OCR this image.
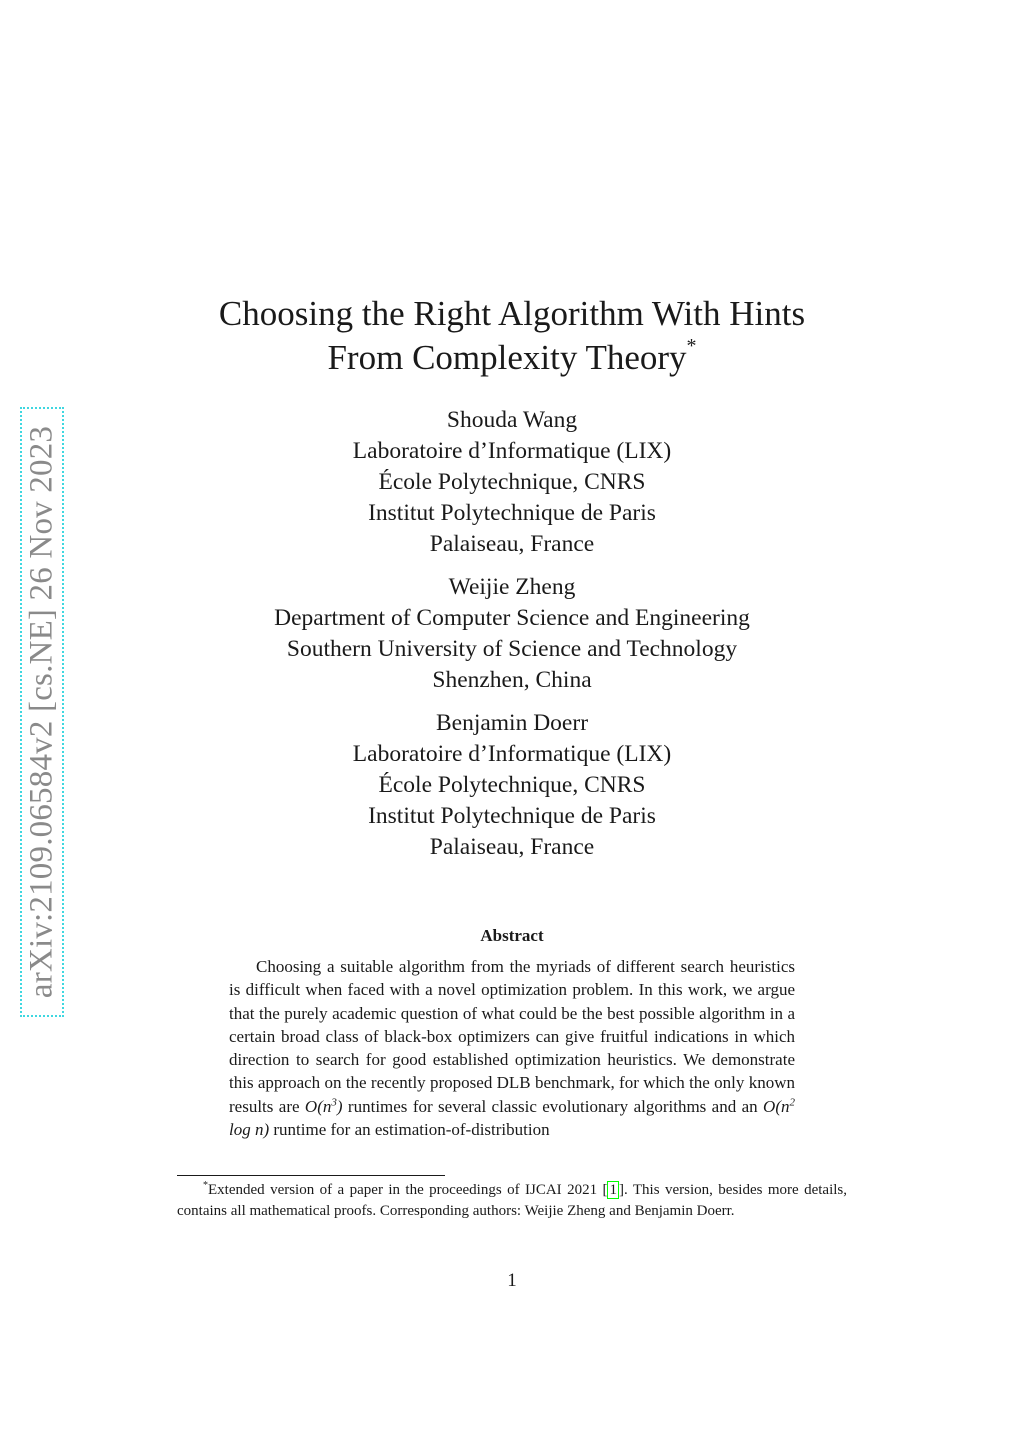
arXiv:2109.06584v2 [cs.NE] 26 Nov 2023
Choosing the Right Algorithm With Hints
From Complexity Theory*
Shouda Wang
Laboratoire d’Informatique (LIX)
École Polytechnique, CNRS
Institut Polytechnique de Paris
Palaiseau, France
Weijie Zheng
Department of Computer Science and Engineering
Southern University of Science and Technology
Shenzhen, China
Benjamin Doerr
Laboratoire d’Informatique (LIX)
École Polytechnique, CNRS
Institut Polytechnique de Paris
Palaiseau, France
Abstract

Choosing a suitable algorithm from the myriads of different search heuristics is difficult when faced with a novel optimization problem. In this work, we argue that the purely academic question of what could be the best possible algorithm in a certain broad class of black-box optimizers can give fruitful indications in which direction to search for good established optimization heuristics. We demonstrate this approach on the recently proposed DLB benchmark, for which the only known results are $O(n^3)$ runtimes for several classic evolutionary algorithms and an $O(n^2$ log n) runtime for an estimation-of-distribution

*Extended version of a paper in the proceedings of IJCAI 2021 [ 1 ]. This version, besides more details, contains all mathematical proofs. Corresponding authors: Weijie Zheng and Benjamin Doerr.
1
